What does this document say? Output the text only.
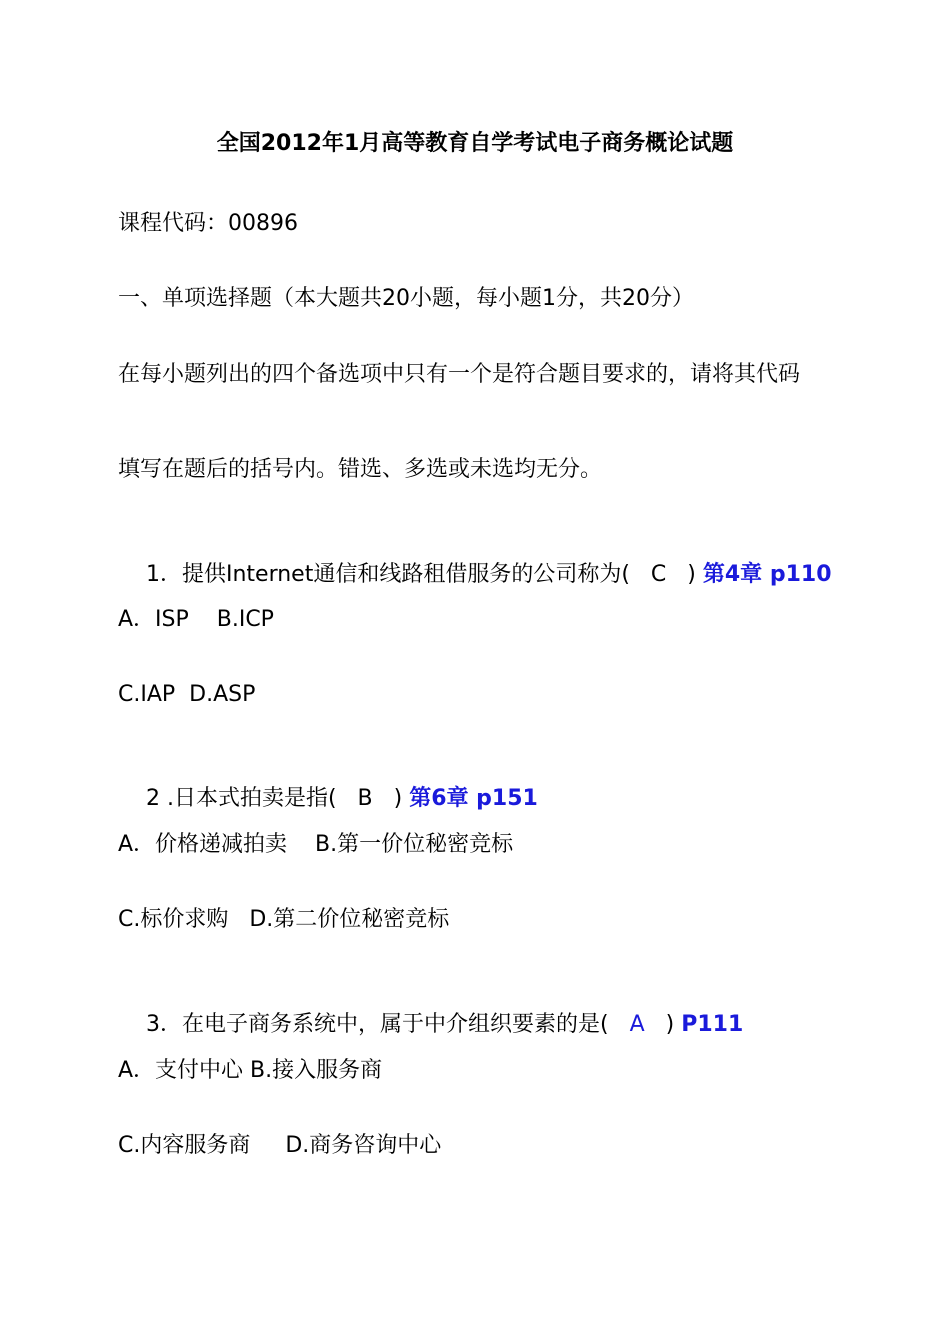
全国2012年1月高等教育自学考试电子商务概论试题
课程代码：00896
一、单项选择题（本大题共20小题，每小题1分，共20分）
在每小题列出的四个备选项中只有一个是符合题目要求的，请将其代码
填写在题后的括号内。错选、多选或未选均无分。

1．提供Internet通信和线路租借服务的公司称为( C ) 第4章 p110

A．ISP    B.ICP
C.IAP  D.ASP

2 .日本式拍卖是指( B ) 第6章 p151

A．价格递减拍卖    B.第一价位秘密竞标
C.标价求购   D.第二价位秘密竞标

3．在电子商务系统中，属于中介组织要素的是( A ) P111

A．支付中心 B.接入服务商
C.内容服务商     D.商务咨询中心
